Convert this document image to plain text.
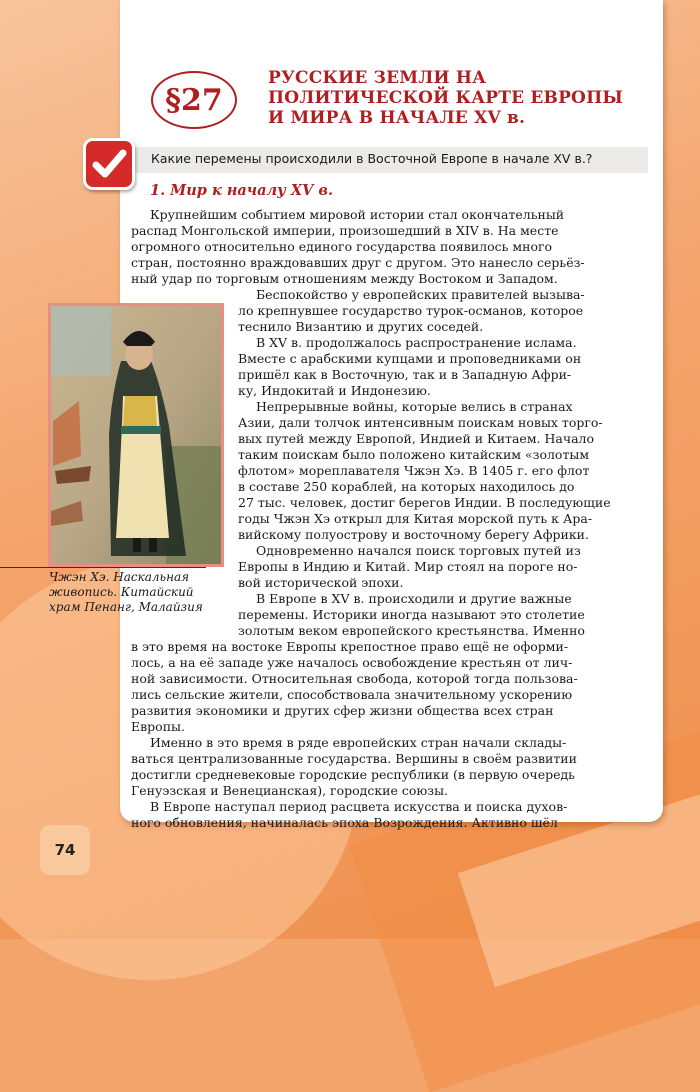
§27
РУССКИЕ ЗЕМЛИ НА
ПОЛИТИЧЕСКОЙ КАРТЕ ЕВРОПЫ
И МИРА В НАЧАЛЕ XV в.
Какие перемены происходили в Восточной Европе в начале XV в.?
1. Мир к началу XV в.
Чжэн Хэ. Наскальная
живопись. Китайский
храм Пенанг, Малайзия
Крупнейшим событием мировой истории стал окончательный
распад Монгольской империи, произошедший в XIV в. На месте
огромного относительно единого государства появилось много
стран, постоянно враждовавших друг с другом. Это нанесло серьёз-
ный удар по торговым отношениям между Востоком и Западом.
Беспокойство у европейских правителей вызыва-
ло крепнувшее государство турок-османов, которое
теснило Византию и других соседей.
В XV в. продолжалось распространение ислама.
Вместе с арабскими купцами и проповедниками он
пришёл как в Восточную, так и в Западную Афри-
ку, Индокитай и Индонезию.
Непрерывные войны, которые велись в странах
Азии, дали толчок интенсивным поискам новых торго-
вых путей между Европой, Индией и Китаем. Начало
таким поискам было положено китайским «золотым
флотом» мореплавателя Чжэн Хэ. В 1405 г. его флот
в составе 250 кораблей, на которых находилось до
27 тыс. человек, достиг берегов Индии. В последующие
годы Чжэн Хэ открыл для Китая морской путь к Ара-
вийскому полуострову и восточному берегу Африки.
Одновременно начался поиск торговых путей из
Европы в Индию и Китай. Мир стоял на пороге но-
вой исторической эпохи.
В Европе в XV в. происходили и другие важные
перемены. Историки иногда называют это столетие
золотым веком европейского крестьянства. Именно
в это время на востоке Европы крепостное право ещё не оформи-
лось, а на её западе уже началось освобождение крестьян от лич-
ной зависимости. Относительная свобода, которой тогда пользова-
лись сельские жители, способствовала значительному ускорению
развития экономики и других сфер жизни общества всех стран
Европы.
Именно в это время в ряде европейских стран начали склады-
ваться централизованные государства. Вершины в своём развитии
достигли средневековые городские республики (в первую очередь
Генуэзская и Венецианская), городские союзы.
В Европе наступал период расцвета искусства и поиска духов-
ного обновления, начиналась эпоха Возрождения. Активно шёл
74
